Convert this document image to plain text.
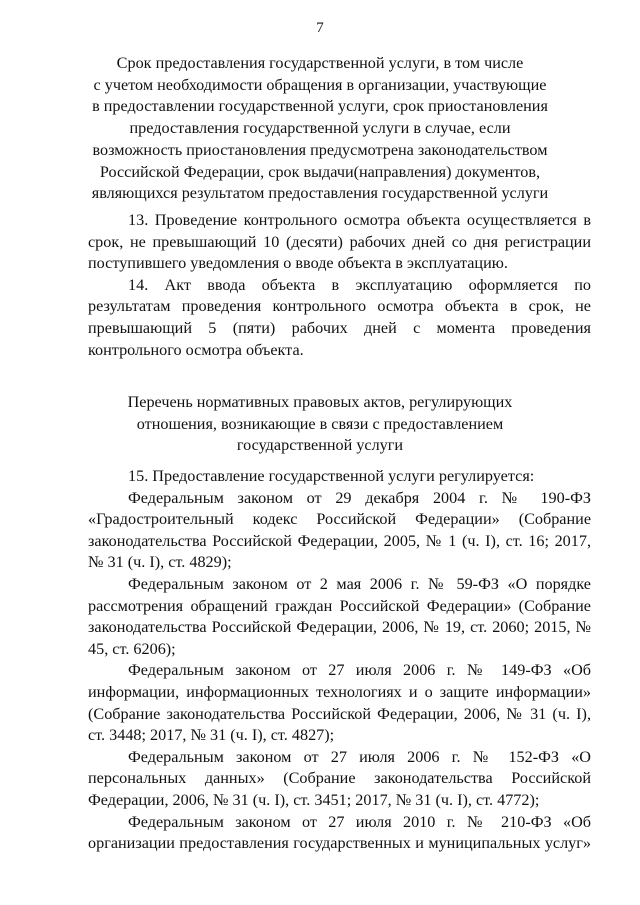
7
Срок предоставления государственной услуги, в том числе
с учетом необходимости обращения в организации, участвующие
в предоставлении государственной услуги, срок приостановления
предоставления государственной услуги в случае, если
возможность приостановления предусмотрена законодательством
Российской Федерации, срок выдачи(направления) документов,
являющихся результатом предоставления государственной услуги

13. Проведение контрольного осмотра объекта осуществляется в срок, не превышающий 10 (десяти) рабочих дней со дня регистрации поступившего уведомления о вводе объекта в эксплуатацию.

14. Акт ввода объекта в эксплуатацию оформляется по результатам проведения контрольного осмотра объекта в срок, не превышающий 5 (пяти) рабочих дней с момента проведения контрольного осмотра объекта.

Перечень нормативных правовых актов, регулирующих
отношения, возникающие в связи с предоставлением
государственной услуги

15. Предоставление государственной услуги регулируется:

Федеральным законом от 29 декабря 2004 г. № 190-ФЗ «Градостроительный кодекс Российской Федерации» (Собрание законодательства Российской Федерации, 2005, № 1 (ч. I), ст. 16; 2017, № 31 (ч. I), ст. 4829);

Федеральным законом от 2 мая 2006 г. № 59-ФЗ «О порядке рассмотрения обращений граждан Российской Федерации» (Собрание законодательства Российской Федерации, 2006, № 19, ст. 2060; 2015, № 45, ст. 6206);

Федеральным законом от 27 июля 2006 г. № 149-ФЗ «Об информации, информационных технологиях и о защите информации» (Собрание законодательства Российской Федерации, 2006, № 31 (ч. I), ст. 3448; 2017, № 31 (ч. I), ст. 4827);

Федеральным законом от 27 июля 2006 г. № 152-ФЗ «О персональных данных» (Собрание законодательства Российской Федерации, 2006, № 31 (ч. I), ст. 3451; 2017, № 31 (ч. I), ст. 4772);

Федеральным законом от 27 июля 2010 г. № 210-ФЗ «Об организации предоставления государственных и муниципальных услуг»
